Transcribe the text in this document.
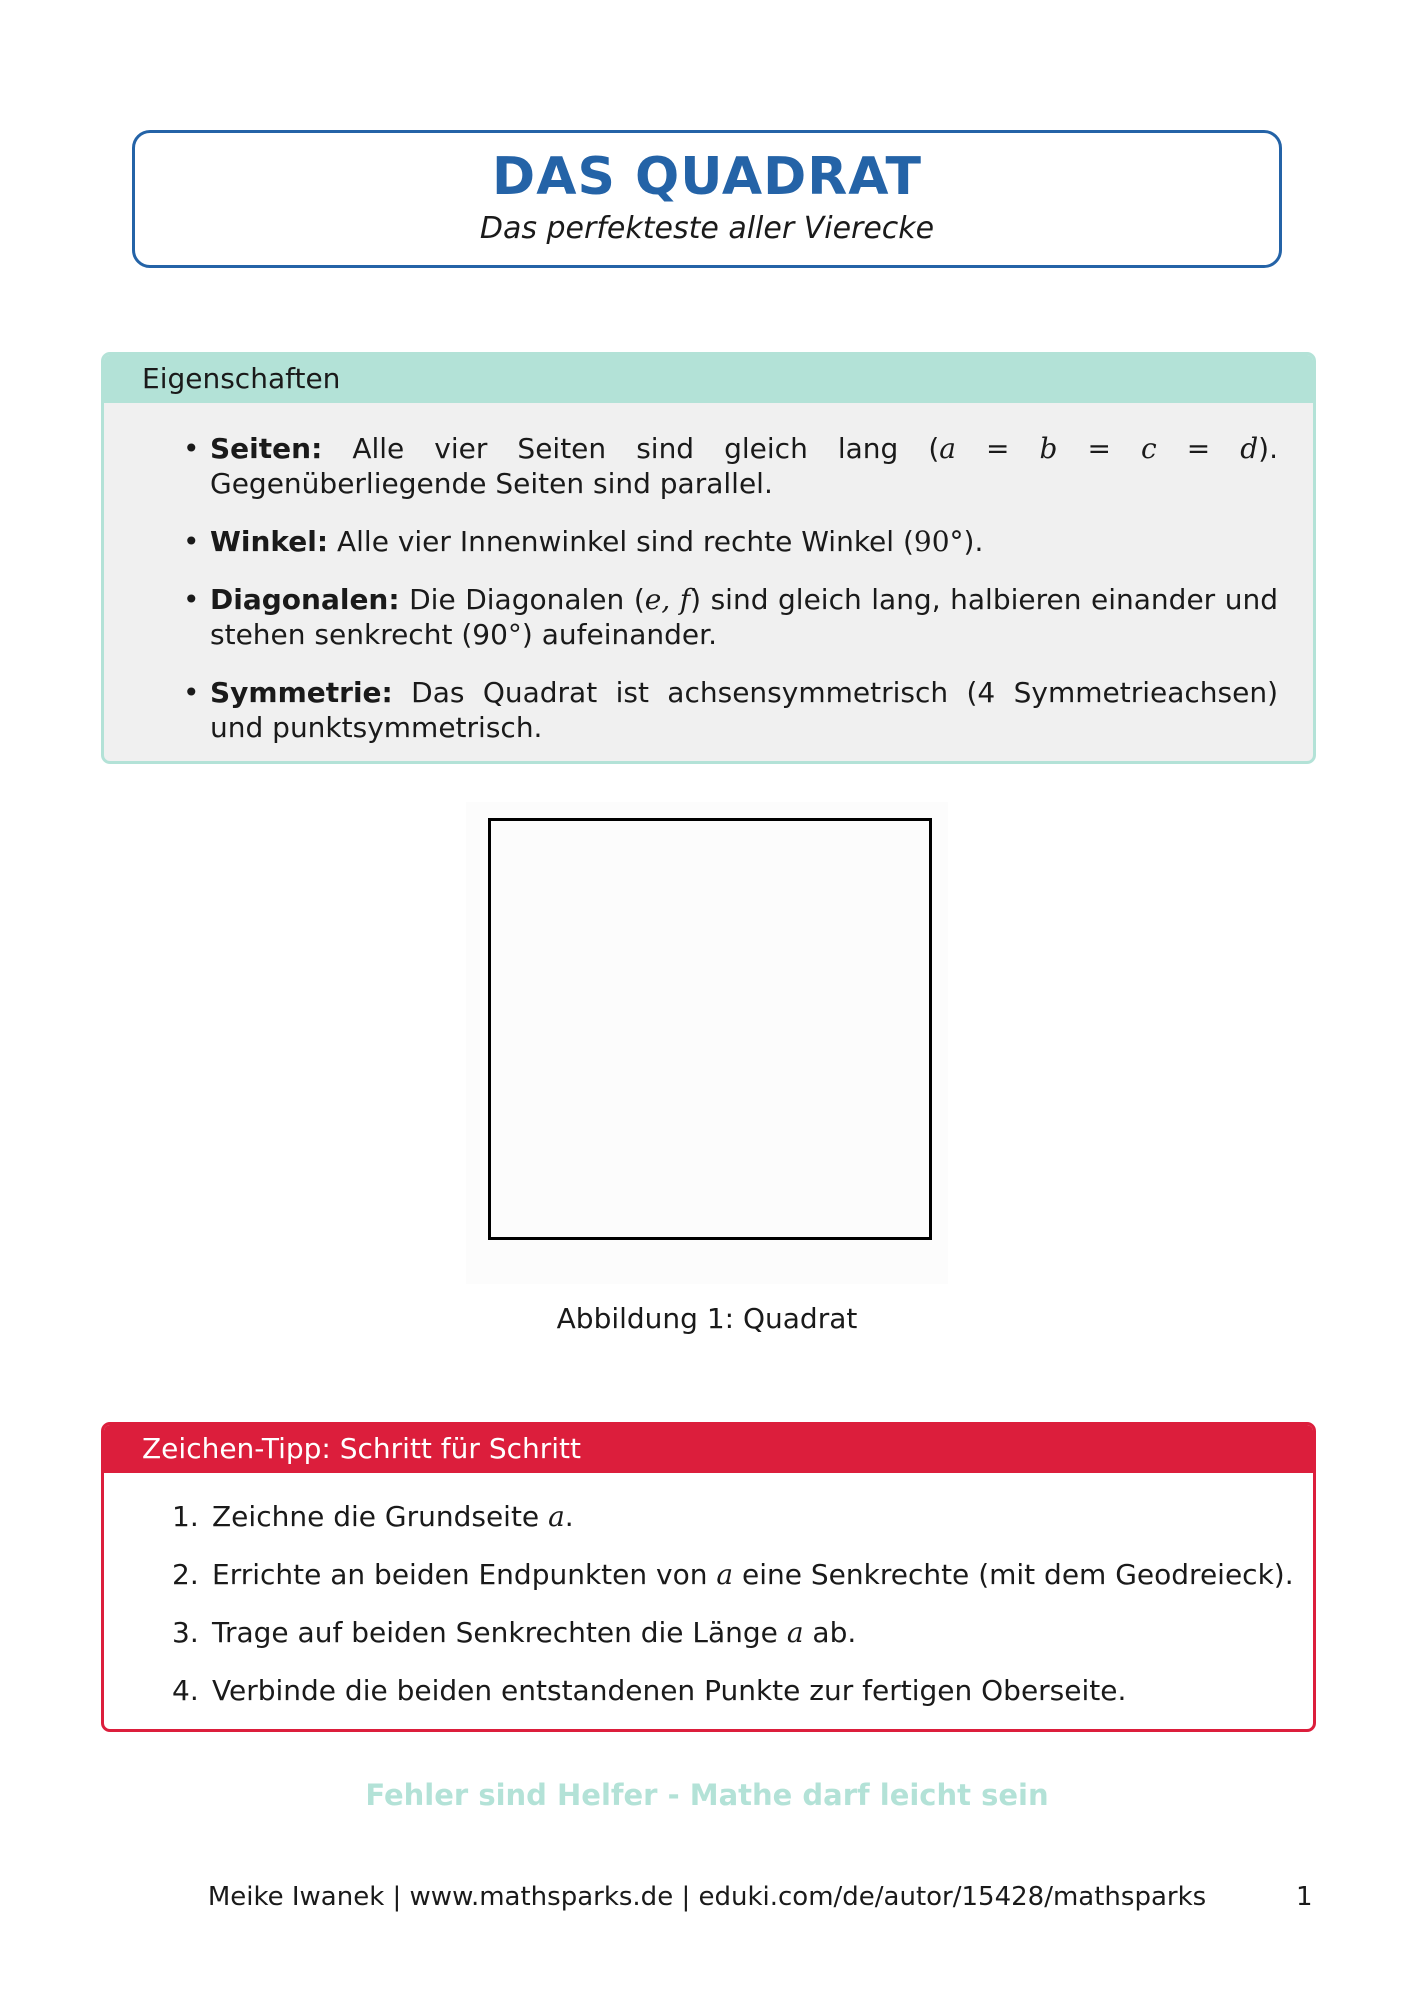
DAS QUADRAT
Das perfekteste aller Vierecke
Eigenschaften
• Seiten: Alle vier Seiten sind gleich lang (a = b = c = d). Gegenüberliegende Seiten sind parallel.
• Winkel: Alle vier Innenwinkel sind rechte Winkel (90°).
• Diagonalen: Die Diagonalen (e, f) sind gleich lang, halbieren einander und stehen senkrecht (90°) aufeinander.
• Symmetrie: Das Quadrat ist achsensymmetrisch (4 Symmetrieachsen) und punktsymmetrisch.
Abbildung 1: Quadrat
Zeichen-Tipp: Schritt für Schritt
1. Zeichne die Grundseite a.
2. Errichte an beiden Endpunkten von a eine Senkrechte (mit dem Geodreieck).
3. Trage auf beiden Senkrechten die Länge a ab.
4. Verbinde die beiden entstandenen Punkte zur fertigen Oberseite.
Fehler sind Helfer - Mathe darf leicht sein
Meike Iwanek | www.mathsparks.de | eduki.com/de/autor/15428/mathsparks	1
